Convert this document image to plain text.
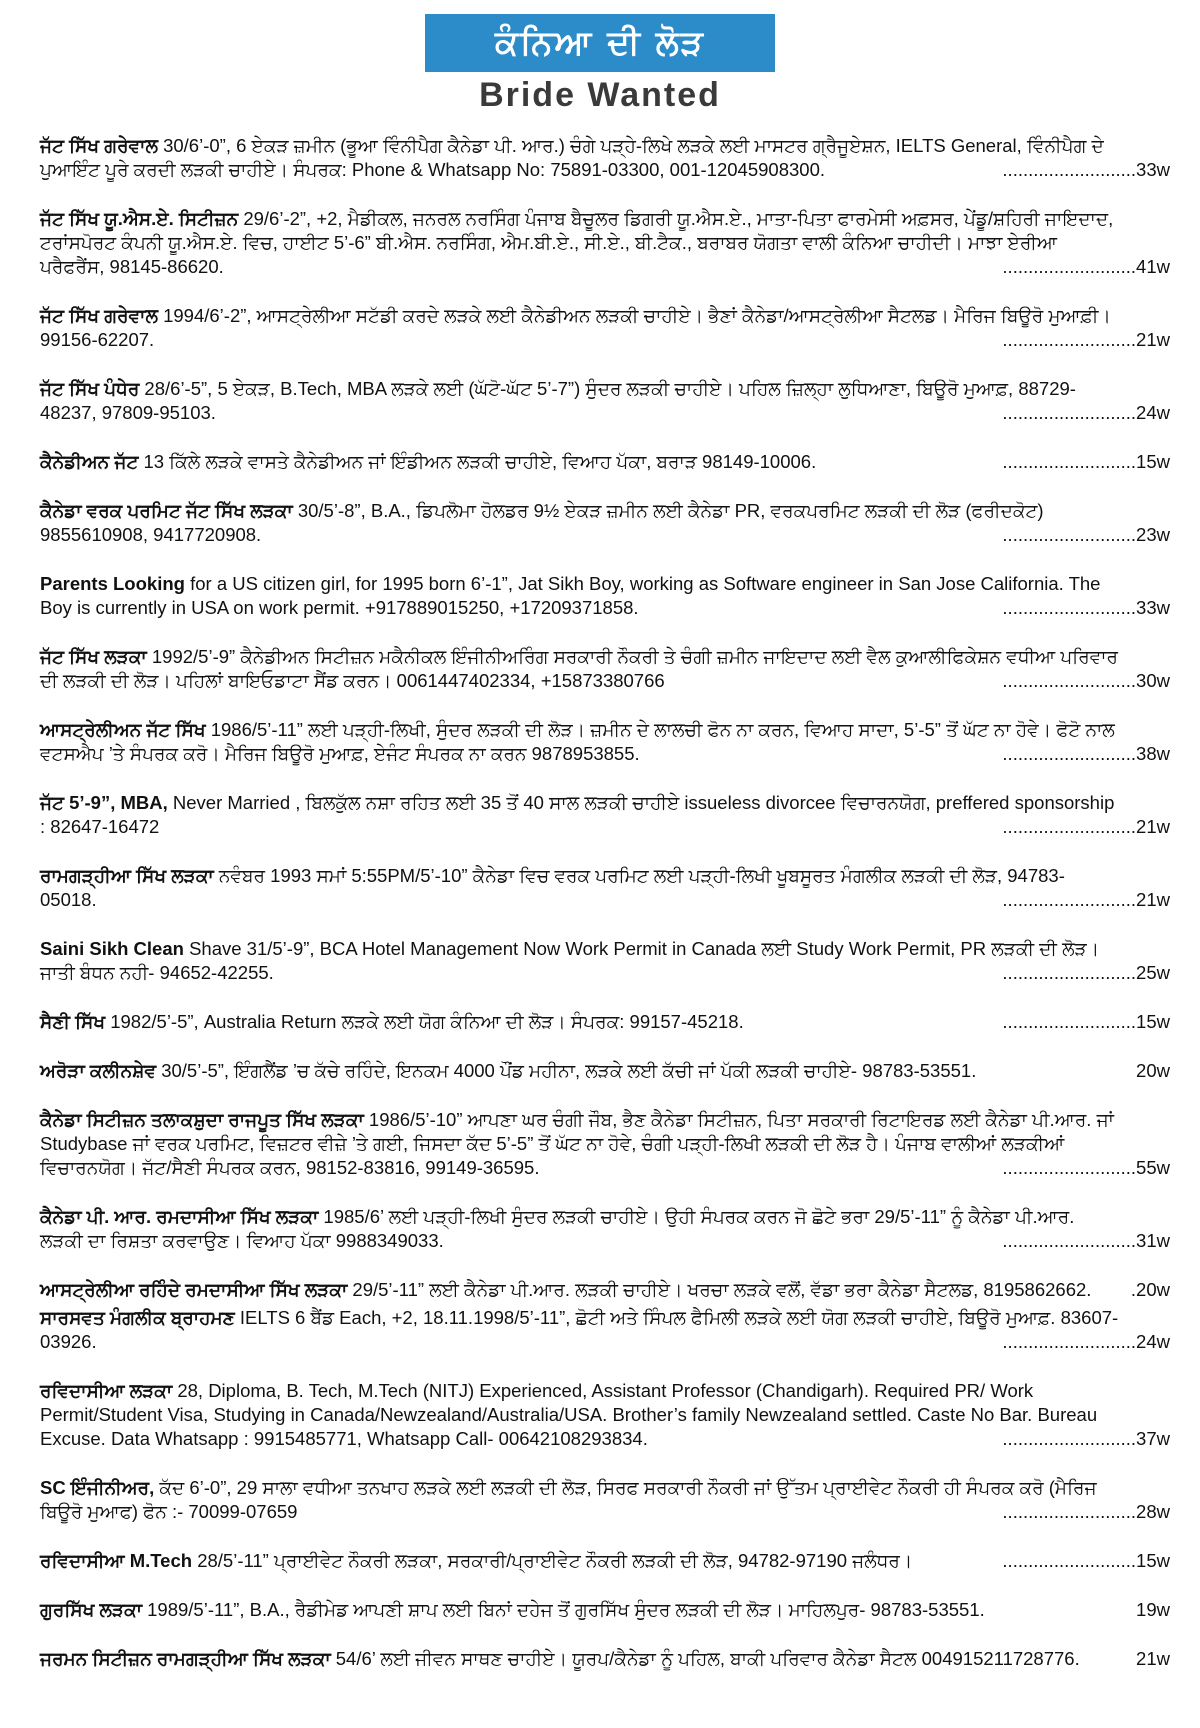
ਕੰਨਿਆ ਦੀ ਲੋੜ
Bride Wanted
ਜੱਟ ਸਿੱਖ ਗਰੇਵਾਲ 30/6’-0”, 6 ਏਕੜ ਜ਼ਮੀਨ (ਭੂਆ ਵਿੰਨੀਪੈਗ ਕੈਨੇਡਾ ਪੀ. ਆਰ.) ਚੰਗੇ ਪੜ੍ਹੇ-ਲਿਖੇ ਲੜਕੇ ਲਈ ਮਾਸਟਰ ਗ੍ਰੈਜੂਏਸ਼ਨ, IELTS General, ਵਿੰਨੀਪੈਗ ਦੇ ਪੁਆਇੰਟ ਪੂਰੇ ਕਰਦੀ ਲੜਕੀ ਚਾਹੀਏ। ਸੰਪਰਕ: Phone & Whatsapp No: 75891-03300, 001-12045908300.	..........................33w
ਜੱਟ ਸਿੱਖ ਯੂ.ਐਸ.ਏ. ਸਿਟੀਜ਼ਨ 29/6’-2”, +2, ਮੈਡੀਕਲ, ਜਨਰਲ ਨਰਸਿੰਗ ਪੰਜਾਬ ਬੈਚੂਲਰ ਡਿਗਰੀ ਯੂ.ਐਸ.ਏ., ਮਾਤਾ-ਪਿਤਾ ਫਾਰਮੇਸੀ ਅਫ਼ਸਰ, ਪੇਂਡੂ/ਸ਼ਹਿਰੀ ਜਾਇਦਾਦ, ਟਰਾਂਸਪੋਰਟ ਕੰਪਨੀ ਯੂ.ਐਸ.ਏ. ਵਿਚ, ਹਾਈਟ 5’-6” ਬੀ.ਐਸ. ਨਰਸਿੰਗ, ਐਮ.ਬੀ.ਏ., ਸੀ.ਏ., ਬੀ.ਟੈਕ., ਬਰਾਬਰ ਯੋਗਤਾ ਵਾਲੀ ਕੰਨਿਆ ਚਾਹੀਦੀ। ਮਾਝਾ ਏਰੀਆ ਪਰੈਫਰੈਂਸ, 98145-86620.	..........................41w
ਜੱਟ ਸਿੱਖ ਗਰੇਵਾਲ 1994/6’-2”, ਆਸਟ੍ਰੇਲੀਆ ਸਟੱਡੀ ਕਰਦੇ ਲੜਕੇ ਲਈ ਕੈਨੇਡੀਅਨ ਲੜਕੀ ਚਾਹੀਏ। ਭੈਣਾਂ ਕੈਨੇਡਾ/ਆਸਟ੍ਰੇਲੀਆ ਸੈਟਲਡ। ਮੈਰਿਜ ਬਿਊਰੋ ਮੁਆਫ਼ੀ। 99156-62207.	..........................21w
ਜੱਟ ਸਿੱਖ ਪੰਧੇਰ 28/6’-5”, 5 ਏਕੜ, B.Tech, MBA ਲੜਕੇ ਲਈ (ਘੱਟੋ-ਘੱਟ 5’-7”) ਸੁੰਦਰ ਲੜਕੀ ਚਾਹੀਏ। ਪਹਿਲ ਜ਼ਿਲ੍ਹਾ ਲੁਧਿਆਣਾ, ਬਿਊਰੋ ਮੁਆਫ਼, 88729-48237, 97809-95103.	..........................24w
ਕੈਨੇਡੀਅਨ ਜੱਟ 13 ਕਿੱਲੇ ਲੜਕੇ ਵਾਸਤੇ ਕੈਨੇਡੀਅਨ ਜਾਂ ਇੰਡੀਅਨ ਲੜਕੀ ਚਾਹੀਏ, ਵਿਆਹ ਪੱਕਾ, ਬਰਾੜ 98149-10006.	..........................15w
ਕੈਨੇਡਾ ਵਰਕ ਪਰਮਿਟ ਜੱਟ ਸਿੱਖ ਲੜਕਾ 30/5’-8”, B.A., ਡਿਪਲੋਮਾ ਹੋਲਡਰ 9½ ਏਕੜ ਜ਼ਮੀਨ ਲਈ ਕੈਨੇਡਾ PR, ਵਰਕਪਰਮਿਟ ਲੜਕੀ ਦੀ ਲੋੜ (ਫਰੀਦਕੋਟ) 9855610908, 9417720908.	..........................23w
Parents Looking for a US citizen girl, for 1995 born 6’-1”, Jat Sikh Boy, working as Software engineer in San Jose California. The Boy is currently in USA on work permit. +917889015250, +17209371858.	..........................33w
ਜੱਟ ਸਿੱਖ ਲੜਕਾ 1992/5’-9” ਕੈਨੇਡੀਅਨ ਸਿਟੀਜ਼ਨ ਮਕੈਨੀਕਲ ਇੰਜੀਨੀਅਰਿੰਗ ਸਰਕਾਰੀ ਨੌਕਰੀ ਤੇ ਚੰਗੀ ਜ਼ਮੀਨ ਜਾਇਦਾਦ ਲਈ ਵੈਲ ਕੁਆਲੀਫਿਕੇਸ਼ਨ ਵਧੀਆ ਪਰਿਵਾਰ ਦੀ ਲੜਕੀ ਦੀ ਲੋੜ। ਪਹਿਲਾਂ ਬਾਇਓਡਾਟਾ ਸੈਂਡ ਕਰਨ। 0061447402334, +15873380766	..........................30w
ਆਸਟ੍ਰੇਲੀਅਨ ਜੱਟ ਸਿੱਖ 1986/5’-11” ਲਈ ਪੜ੍ਹੀ-ਲਿਖੀ, ਸੁੰਦਰ ਲੜਕੀ ਦੀ ਲੋੜ। ਜ਼ਮੀਨ ਦੇ ਲਾਲਚੀ ਫੋਨ ਨਾ ਕਰਨ, ਵਿਆਹ ਸਾਦਾ, 5’-5” ਤੋਂ ਘੱਟ ਨਾ ਹੋਵੇ। ਫੋਟੋ ਨਾਲ ਵਟਸਐਪ ’ਤੇ ਸੰਪਰਕ ਕਰੋ। ਮੈਰਿਜ ਬਿਊਰੋ ਮੁਆਫ਼, ਏਜੰਟ ਸੰਪਰਕ ਨਾ ਕਰਨ 9878953855.	..........................38w
ਜੱਟ 5’-9”, MBA, Never Married , ਬਿਲਕੁੱਲ ਨਸ਼ਾ ਰਹਿਤ ਲਈ 35 ਤੋਂ 40 ਸਾਲ ਲੜਕੀ ਚਾਹੀਏ issueless divorcee ਵਿਚਾਰਨਯੋਗ, preffered sponsorship : 82647-16472	..........................21w
ਰਾਮਗੜ੍ਹੀਆ ਸਿੱਖ ਲੜਕਾ ਨਵੰਬਰ 1993 ਸਮਾਂ 5:55PM/5’-10” ਕੈਨੇਡਾ ਵਿਚ ਵਰਕ ਪਰਮਿਟ ਲਈ ਪੜ੍ਹੀ-ਲਿਖੀ ਖੂਬਸੂਰਤ ਮੰਗਲੀਕ ਲੜਕੀ ਦੀ ਲੋੜ, 94783-05018.	..........................21w
Saini Sikh Clean Shave 31/5’-9”, BCA Hotel Management Now Work Permit in Canada ਲਈ Study Work Permit, PR ਲੜਕੀ ਦੀ ਲੋੜ। ਜਾਤੀ ਬੰਧਨ ਨਹੀ- 94652-42255.	..........................25w
ਸੈਣੀ ਸਿੱਖ 1982/5’-5”, Australia Return ਲੜਕੇ ਲਈ ਯੋਗ ਕੰਨਿਆ ਦੀ ਲੋੜ। ਸੰਪਰਕ: 99157-45218.	..........................15w
ਅਰੋੜਾ ਕਲੀਨਸ਼ੇਵ 30/5’-5”, ਇੰਗਲੈਂਡ ’ਚ ਕੱਚੇ ਰਹਿੰਦੇ, ਇਨਕਮ 4000 ਪੌਂਡ ਮਹੀਨਾ, ਲੜਕੇ ਲਈ ਕੱਚੀ ਜਾਂ ਪੱਕੀ ਲੜਕੀ ਚਾਹੀਏ- 98783-53551.	20w
ਕੈਨੇਡਾ ਸਿਟੀਜ਼ਨ ਤਲਾਕਸ਼ੁਦਾ ਰਾਜਪੂਤ ਸਿੱਖ ਲੜਕਾ 1986/5’-10” ਆਪਣਾ ਘਰ ਚੰਗੀ ਜੌਬ, ਭੈਣ ਕੈਨੇਡਾ ਸਿਟੀਜ਼ਨ, ਪਿਤਾ ਸਰਕਾਰੀ ਰਿਟਾਇਰਡ ਲਈ ਕੈਨੇਡਾ ਪੀ.ਆਰ. ਜਾਂ Studybase ਜਾਂ ਵਰਕ ਪਰਮਿਟ, ਵਿਜ਼ਟਰ ਵੀਜ਼ੇ ’ਤੇ ਗਈ, ਜਿਸਦਾ ਕੱਦ 5’-5” ਤੋਂ ਘੱਟ ਨਾ ਹੋਵੇ, ਚੰਗੀ ਪੜ੍ਹੀ-ਲਿਖੀ ਲੜਕੀ ਦੀ ਲੋੜ ਹੈ। ਪੰਜਾਬ ਵਾਲੀਆਂ ਲੜਕੀਆਂ ਵਿਚਾਰਨਯੋਗ। ਜੱਟ/ਸੈਣੀ ਸੰਪਰਕ ਕਰਨ, 98152-83816, 99149-36595.	..........................55w
ਕੈਨੇਡਾ ਪੀ. ਆਰ. ਰਮਦਾਸੀਆ ਸਿੱਖ ਲੜਕਾ 1985/6’ ਲਈ ਪੜ੍ਹੀ-ਲਿਖੀ ਸੁੰਦਰ ਲੜਕੀ ਚਾਹੀਏ। ਉਹੀ ਸੰਪਰਕ ਕਰਨ ਜੋ ਛੋਟੇ ਭਰਾ 29/5’-11” ਨੂੰ ਕੈਨੇਡਾ ਪੀ.ਆਰ. ਲੜਕੀ ਦਾ ਰਿਸ਼ਤਾ ਕਰਵਾਉਣ। ਵਿਆਹ ਪੱਕਾ 9988349033.	..........................31w
ਆਸਟ੍ਰੇਲੀਆ ਰਹਿੰਦੇ ਰਮਦਾਸੀਆ ਸਿੱਖ ਲੜਕਾ 29/5’-11” ਲਈ ਕੈਨੇਡਾ ਪੀ.ਆਰ. ਲੜਕੀ ਚਾਹੀਏ। ਖਰਚਾ ਲੜਕੇ ਵਲੋਂ, ਵੱਡਾ ਭਰਾ ਕੈਨੇਡਾ ਸੈਟਲਡ, 8195862662. .20w
ਸਾਰਸਵਤ ਮੰਗਲੀਕ ਬ੍ਰਾਹਮਣ IELTS 6 ਬੈਂਡ Each, +2, 18.11.1998/5’-11”, ਛੋਟੀ ਅਤੇ ਸਿੰਪਲ ਫੈਮਿਲੀ ਲੜਕੇ ਲਈ ਯੋਗ ਲੜਕੀ ਚਾਹੀਏ, ਬਿਊਰੋ ਮੁਆਫ਼. 83607-03926.	..........................24w
ਰਵਿਦਾਸੀਆ ਲੜਕਾ 28, Diploma, B. Tech, M.Tech (NITJ) Experienced, Assistant Professor (Chandigarh). Required PR/ Work Permit/Student Visa, Studying in Canada/Newzealand/Australia/USA. Brother’s family Newzealand settled. Caste No Bar. Bureau Excuse. Data Whatsapp : 9915485771, Whatsapp Call- 00642108293834.	..........................37w
SC ਇੰਜੀਨੀਅਰ, ਕੱਦ 6’-0”, 29 ਸਾਲਾ ਵਧੀਆ ਤਨਖਾਹ ਲੜਕੇ ਲਈ ਲੜਕੀ ਦੀ ਲੋੜ, ਸਿਰਫ ਸਰਕਾਰੀ ਨੌਕਰੀ ਜਾਂ ਉੱਤਮ ਪ੍ਰਾਈਵੇਟ ਨੌਕਰੀ ਹੀ ਸੰਪਰਕ ਕਰੋ (ਮੈਰਿਜ ਬਿਊਰੋ ਮੁਆਫ) ਫੋਨ :- 70099-07659	..........................28w
ਰਵਿਦਾਸੀਆ M.Tech 28/5’-11” ਪ੍ਰਾਈਵੇਟ ਨੌਕਰੀ ਲੜਕਾ, ਸਰਕਾਰੀ/ਪ੍ਰਾਈਵੇਟ ਨੌਕਰੀ ਲੜਕੀ ਦੀ ਲੋੜ, 94782-97190 ਜਲੰਧਰ।	..........................15w
ਗੁਰਸਿੱਖ ਲੜਕਾ 1989/5’-11”, B.A., ਰੈਡੀਮੇਡ ਆਪਣੀ ਸ਼ਾਪ ਲਈ ਬਿਨਾਂ ਦਹੇਜ ਤੋਂ ਗੁਰਸਿੱਖ ਸੁੰਦਰ ਲੜਕੀ ਦੀ ਲੋੜ। ਮਾਹਿਲਪੁਰ- 98783-53551.	19w
ਜਰਮਨ ਸਿਟੀਜ਼ਨ ਰਾਮਗੜ੍ਹੀਆ ਸਿੱਖ ਲੜਕਾ 54/6’ ਲਈ ਜੀਵਨ ਸਾਥਣ ਚਾਹੀਏ। ਯੂਰਪ/ਕੈਨੇਡਾ ਨੂੰ ਪਹਿਲ, ਬਾਕੀ ਪਰਿਵਾਰ ਕੈਨੇਡਾ ਸੈਟਲ 004915211728776.	21w
